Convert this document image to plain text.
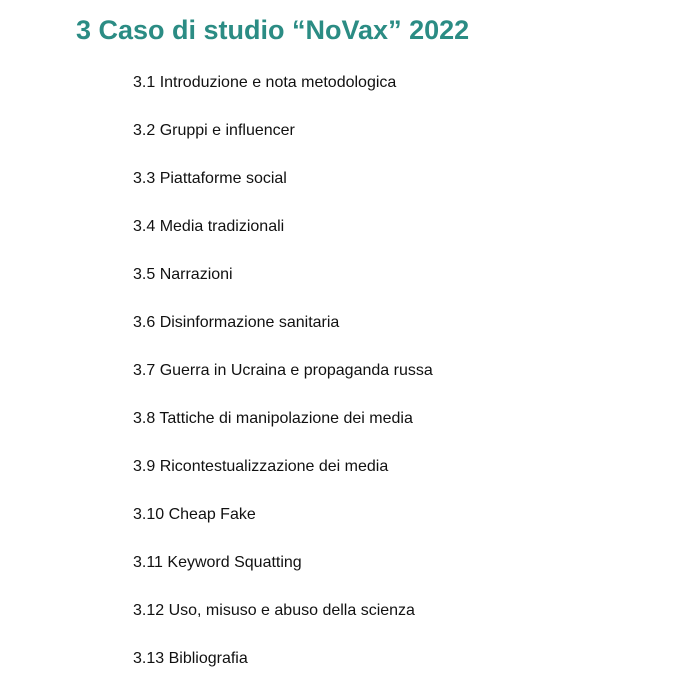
3 Caso di studio “NoVax” 2022
3.1 Introduzione e nota metodologica
3.2 Gruppi e influencer
3.3 Piattaforme social
3.4 Media tradizionali
3.5 Narrazioni
3.6 Disinformazione sanitaria
3.7 Guerra in Ucraina e propaganda russa
3.8 Tattiche di manipolazione dei media
3.9 Ricontestualizzazione dei media
3.10 Cheap Fake
3.11 Keyword Squatting
3.12 Uso, misuso e abuso della scienza
3.13 Bibliografia
